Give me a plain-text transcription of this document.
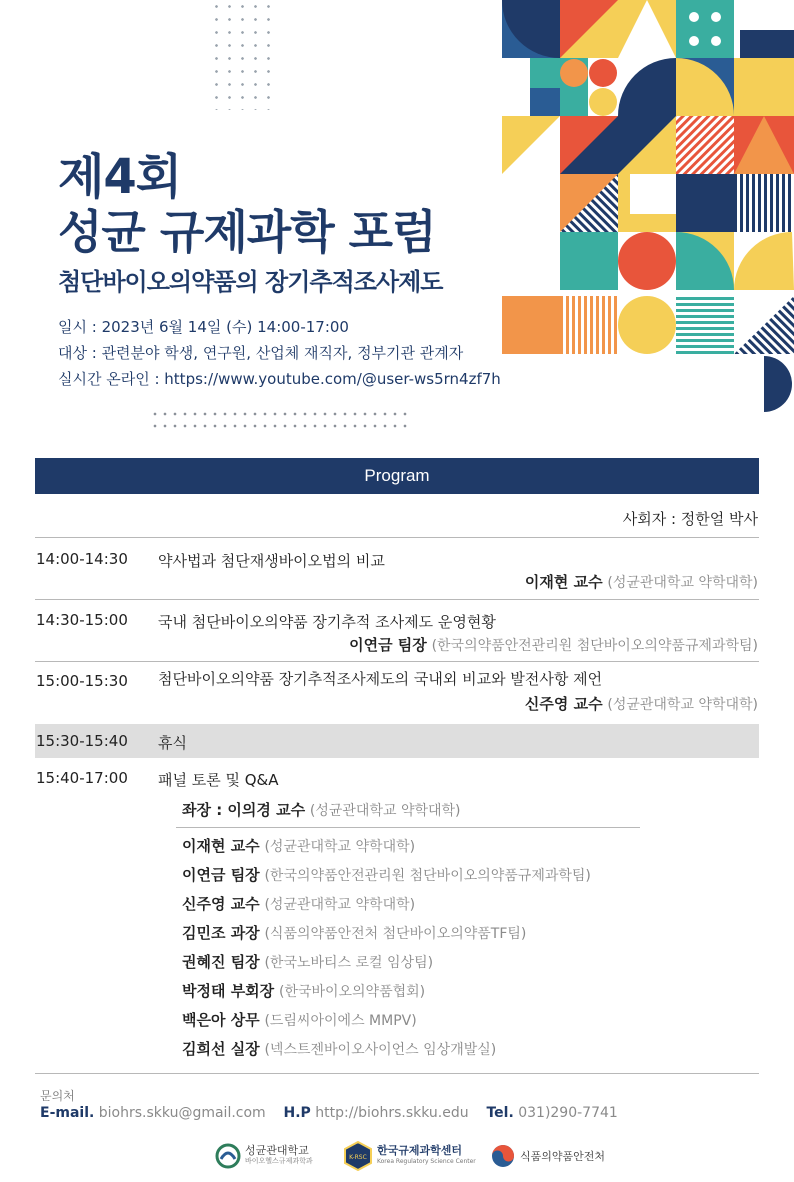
제4회
성균 규제과학 포럼
첨단바이오의약품의 장기추적조사제도
일시 : 2023년 6월 14일 (수) 14:00-17:00
대상 : 관련분야 학생, 연구원, 산업체 재직자, 정부기관 관계자
실시간 온라인 : https://www.youtube.com/@user-ws5rn4zf7h
Program
사회자 : 정한얼 박사
14:00-14:30 약사법과 첨단재생바이오법의 비교
이재현 교수 (성균관대학교 약학대학)
14:30-15:00 국내 첨단바이오의약품 장기추적 조사제도 운영현황
이연금 팀장 (한국의약품안전관리원 첨단바이오의약품규제과학팀)
15:00-15:30 첨단바이오의약품 장기추적조사제도의 국내외 비교와 발전사항 제언
신주영 교수 (성균관대학교 약학대학)
15:30-15:40 휴식
15:40-17:00 패널 토론 및 Q&A
좌장 : 이의경 교수 (성균관대학교 약학대학)
이재현 교수 (성균관대학교 약학대학)
이연금 팀장 (한국의약품안전관리원 첨단바이오의약품규제과학팀)
신주영 교수 (성균관대학교 약학대학)
김민조 과장 (식품의약품안전처 첨단바이오의약품TF팀)
권혜진 팀장 (한국노바티스 로컬 임상팀)
박정태 부회장 (한국바이오의약품협회)
백은아 상무 (드림씨아이에스 MMPV)
김희선 실장 (넥스트젠바이오사이언스 임상개발실)
문의처
E-mail. biohrs.skku@gmail.com H.P http://biohrs.skku.edu Tel. 031)290-7741
성균관대학교
바이오헬스규제과학과	K-RSC
한국규제과학센터
Korea Regulatory Science Center	식품의약품안전처
